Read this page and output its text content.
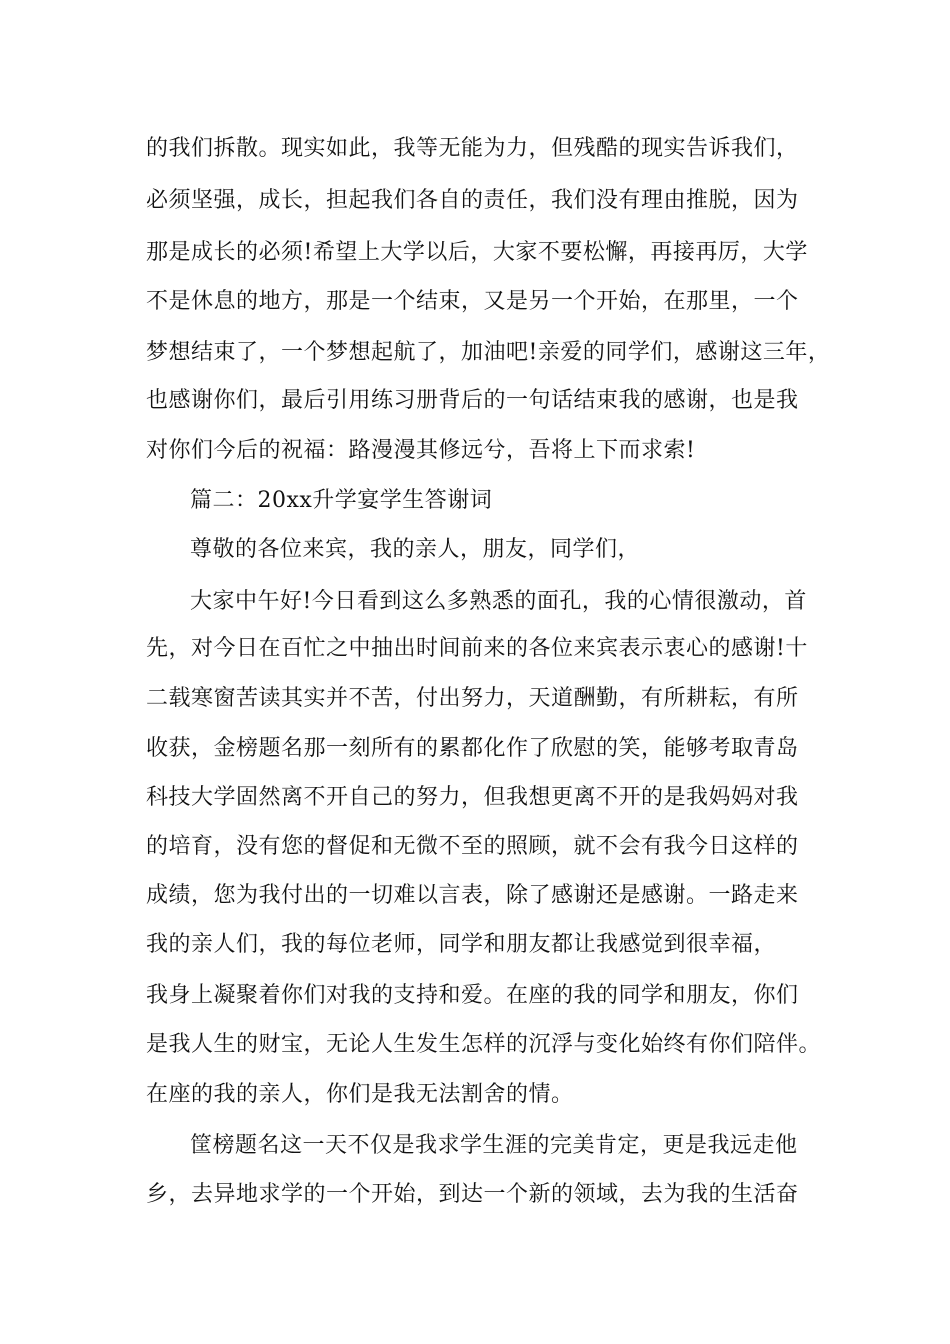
的我们拆散。现实如此，我等无能为力，但残酷的现实告诉我们，
必须坚强，成长，担起我们各自的责任，我们没有理由推脱，因为
那是成长的必须!希望上大学以后，大家不要松懈，再接再厉，大学
不是休息的地方，那是一个结束，又是另一个开始，在那里，一个
梦想结束了，一个梦想起航了，加油吧!亲爱的同学们，感谢这三年，
也感谢你们，最后引用练习册背后的一句话结束我的感谢，也是我
对你们今后的祝福：路漫漫其修远兮，吾将上下而求索!
篇二：20xx升学宴学生答谢词
尊敬的各位来宾，我的亲人，朋友，同学们，
大家中午好!今日看到这么多熟悉的面孔，我的心情很激动，首
先，对今日在百忙之中抽出时间前来的各位来宾表示衷心的感谢!十
二载寒窗苦读其实并不苦，付出努力，天道酬勤，有所耕耘，有所
收获，金榜题名那一刻所有的累都化作了欣慰的笑，能够考取青岛
科技大学固然离不开自己的努力，但我想更离不开的是我妈妈对我
的培育，没有您的督促和无微不至的照顾，就不会有我今日这样的
成绩，您为我付出的一切难以言表，除了感谢还是感谢。一路走来
我的亲人们，我的每位老师，同学和朋友都让我感觉到很幸福，
我身上凝聚着你们对我的支持和爱。在座的我的同学和朋友，你们
是我人生的财宝，无论人生发生怎样的沉浮与变化始终有你们陪伴。
在座的我的亲人，你们是我无法割舍的情。
筐榜题名这一天不仅是我求学生涯的完美肯定，更是我远走他
乡，去异地求学的一个开始，到达一个新的领域，去为我的生活奋
